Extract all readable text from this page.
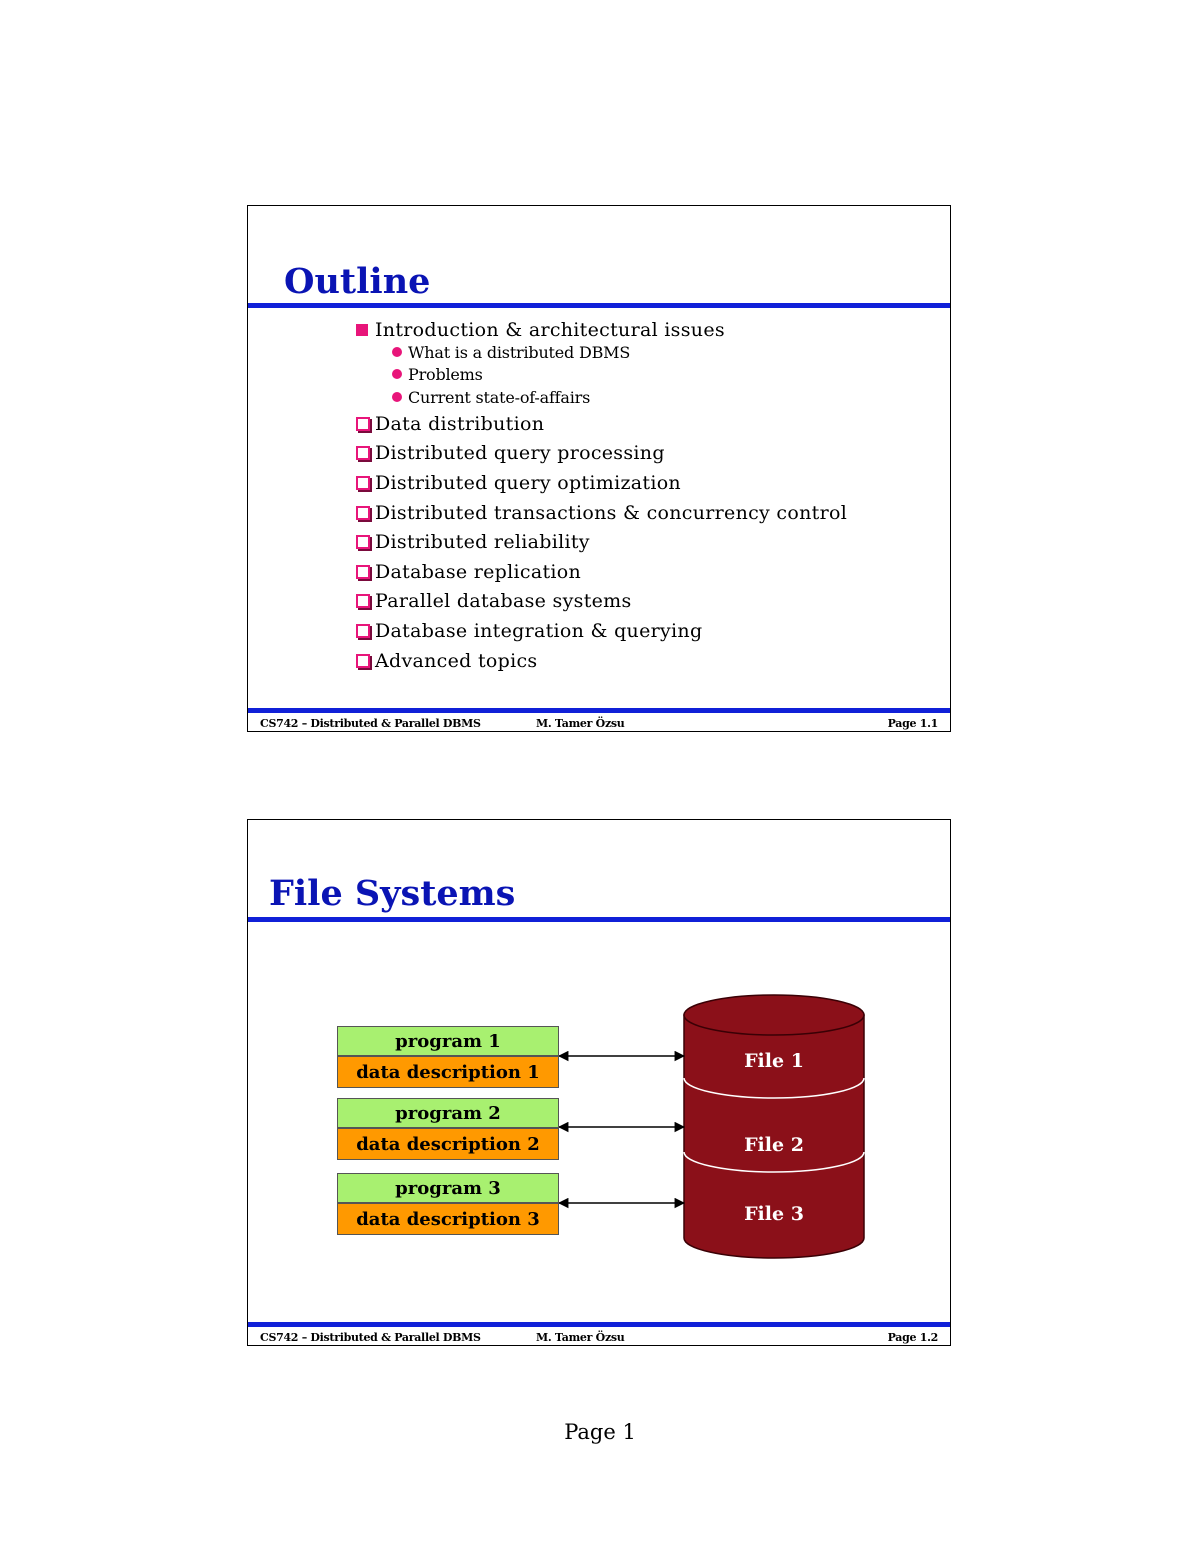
Outline
Introduction & architectural issues
What is a distributed DBMS
Problems
Current state-of-affairs
Data distribution
Distributed query processing
Distributed query optimization
Distributed transactions & concurrency control
Distributed reliability
Database replication
Parallel database systems
Database integration & querying
Advanced topics
CS742 – Distributed & Parallel DBMS	M. Tamer Özsu	Page 1.1
File Systems
program 1
data description 1
program 2
data description 2
program 3
data description 3
File 1
File 2
File 3
CS742 – Distributed & Parallel DBMS	M. Tamer Özsu	Page 1.2
Page 1
